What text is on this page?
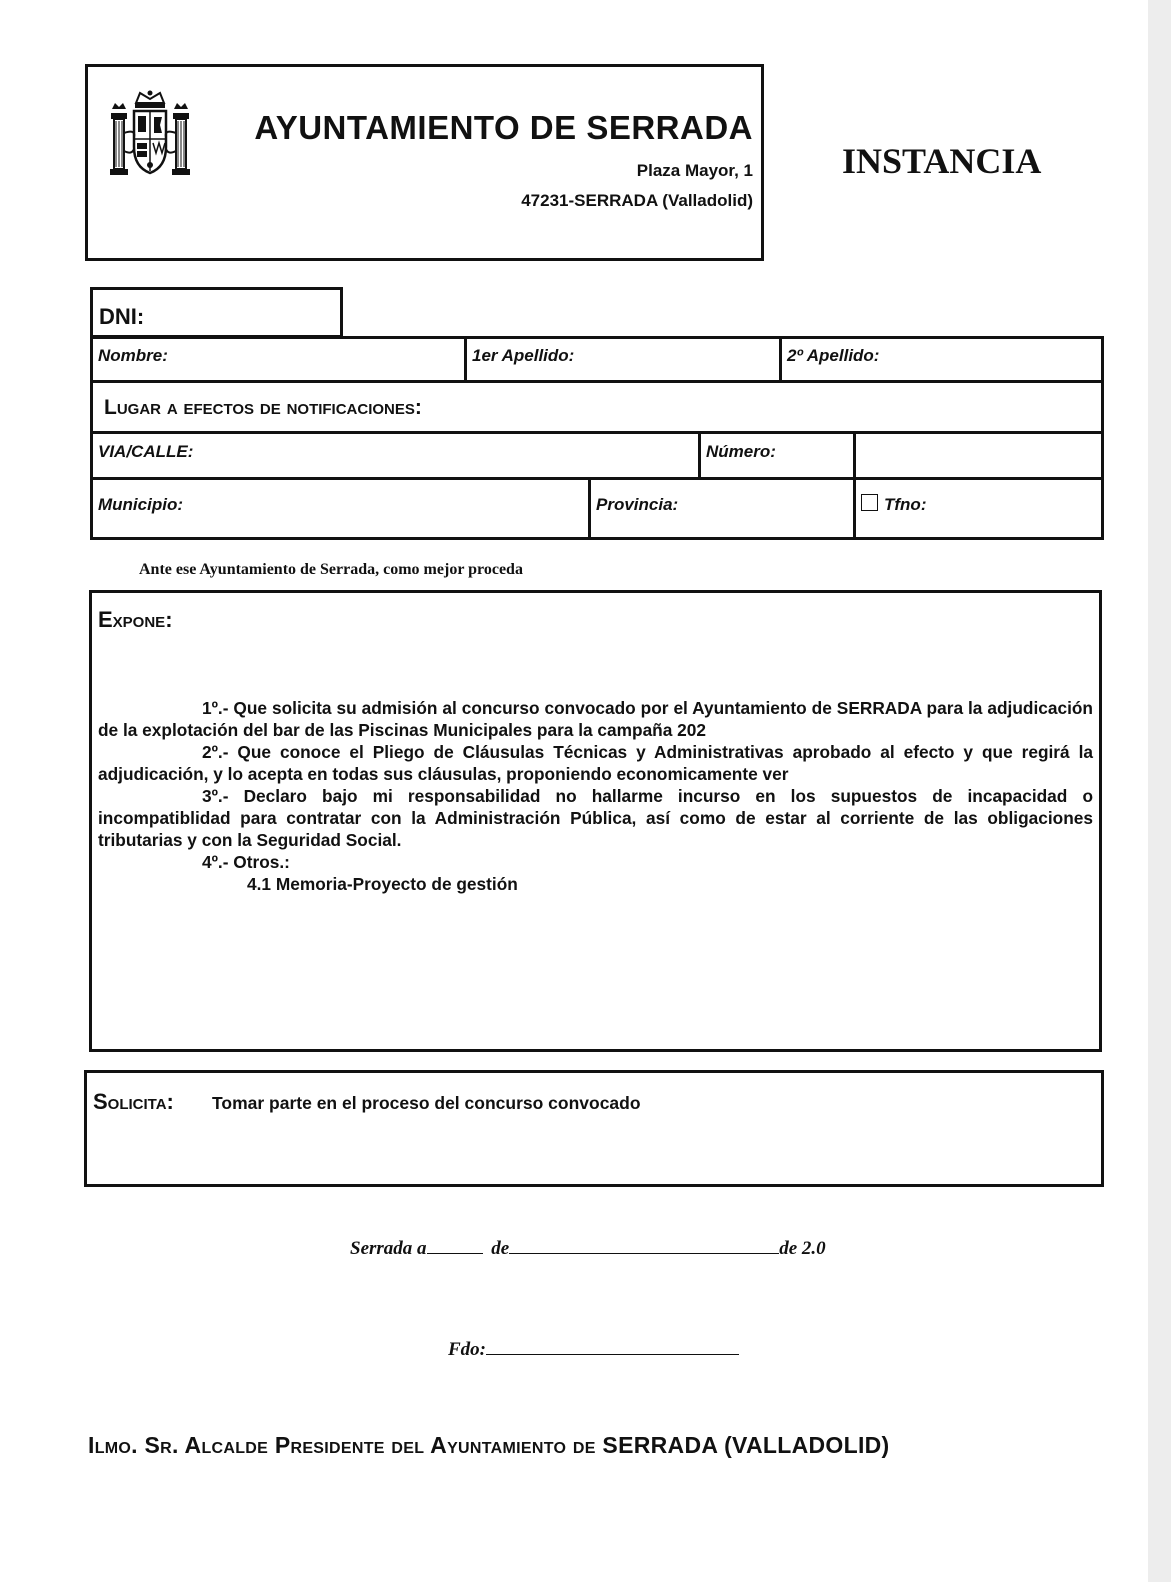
AYUNTAMIENTO DE SERRADA
Plaza Mayor, 1
47231-SERRADA (Valladolid)
INSTANCIA
DNI:
Nombre:	1er Apellido:	2º Apellido:
Lugar a efectos de notificaciones:
VIA/CALLE:	Número:
Municipio:	Provincia:	Tfno:
Ante ese Ayuntamiento de Serrada, como mejor proceda
Expone:
1º.- Que solicita su admisión al concurso convocado por el Ayuntamiento de SERRADA para la adjudicación de la explotación del bar de las Piscinas Municipales para la campaña 202
2º.- Que conoce el Pliego de Cláusulas Técnicas y Administrativas aprobado al efecto y que regirá la adjudicación, y lo acepta en todas sus cláusulas, proponiendo economicamente ver
3º.- Declaro bajo mi responsabilidad no hallarme incurso en los supuestos de incapacidad o incompatiblidad para contratar con la Administración Pública, así como de estar al corriente de las obligaciones tributarias y con la Seguridad Social.
4º.- Otros.:
4.1 Memoria-Proyecto de gestión
Solicita: Tomar parte en el proceso del concurso convocado
Serrada a	de	de 2.0
Fdo:
Ilmo. Sr. Alcalde Presidente del Ayuntamiento de SERRADA (VALLADOLID)
